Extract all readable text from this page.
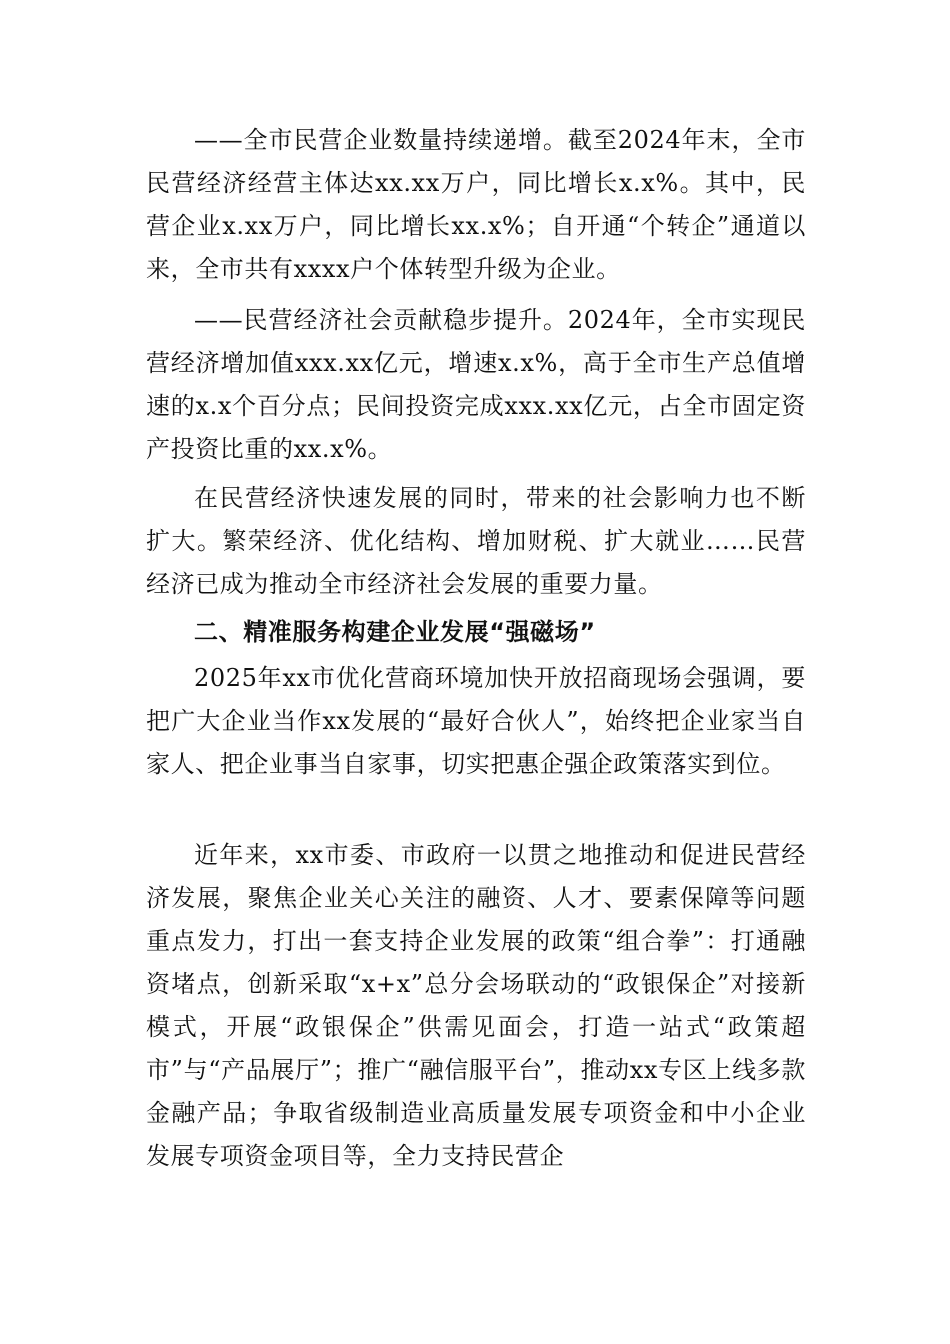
——全市民营企业数量持续递增。截至2024年末，全市民营经济经营主体达xx.xx万户，同比增长x.x%。其中，民营企业x.xx万户，同比增长xx.x%；自开通“个转企”通道以来，全市共有xxxx户个体转型升级为企业。

——民营经济社会贡献稳步提升。2024年，全市实现民营经济增加值xxx.xx亿元，增速x.x%，高于全市生产总值增速的x.x个百分点；民间投资完成xxx.xx亿元，占全市固定资产投资比重的xx.x%。

在民营经济快速发展的同时，带来的社会影响力也不断扩大。繁荣经济、优化结构、增加财税、扩大就业……民营经济已成为推动全市经济社会发展的重要力量。

二、精准服务构建企业发展“强磁场”

2025年xx市优化营商环境加快开放招商现场会强调，要把广大企业当作xx发展的“最好合伙人”，始终把企业家当自家人、把企业事当自家事，切实把惠企强企政策落实到位。

近年来，xx市委、市政府一以贯之地推动和促进民营经济发展，聚焦企业关心关注的融资、人才、要素保障等问题重点发力，打出一套支持企业发展的政策“组合拳”：打通融资堵点，创新采取“x+x”总分会场联动的“政银保企”对接新模式，开展“政银保企”供需见面会，打造一站式“政策超市”与“产品展厅”；推广“融信服平台”，推动xx专区上线多款金融产品；争取省级制造业高质量发展专项资金和中小企业发展专项资金项目等，全力支持民营企
